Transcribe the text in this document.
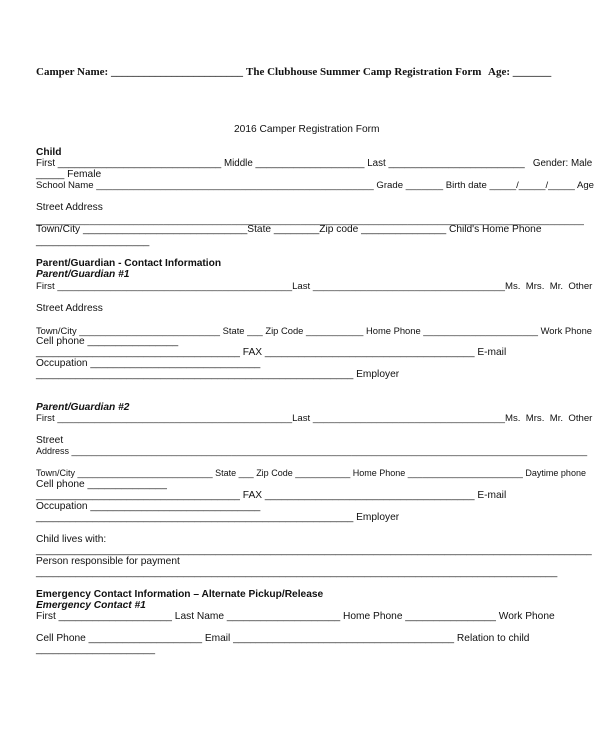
Camper Name: ________________________ The Clubhouse Summer Camp Registration Form Age: _______
2016 Camper Registration Form
Child
First ______________________________ Middle ____________________ Last _________________________   Gender: Male
_____ Female
School Name ____________________________________________________ Grade _______ Birth date _____/_____/_____ Age
Street Address
________________________________________________________________________________________________________________
Town/City _____________________________State ________Zip code _______________ Child's Home Phone
____________________
Parent/Guardian - Contact Information
Parent/Guardian #1
First ____________________________________________Last ____________________________________Ms.  Mrs.  Mr.  Other
Street Address
Town/City ___________________________ State ___ Zip Code ___________ Home Phone ______________________ Work Phone
Cell phone ________________
____________________________________ FAX _____________________________________ E-mail
Occupation ______________________________
________________________________________________________ Employer
Parent/Guardian #2
First ____________________________________________Last ____________________________________Ms.  Mrs.  Mr.  Other
Street
Address _______________________________________________________________________________________________________
Town/City ___________________________ State ___ Zip Code ___________ Home Phone _______________________ Daytime phone
Cell phone ______________
____________________________________ FAX _____________________________________ E-mail
Occupation ______________________________
________________________________________________________ Employer
Child lives with:
______________________________________________________________________________________________________
Person responsible for payment
____________________________________________________________________________________________
Emergency Contact Information – Alternate Pickup/Release
Emergency Contact #1
First ____________________ Last Name ____________________ Home Phone ________________ Work Phone
Cell Phone ____________________ Email _______________________________________ Relation to child
_____________________
